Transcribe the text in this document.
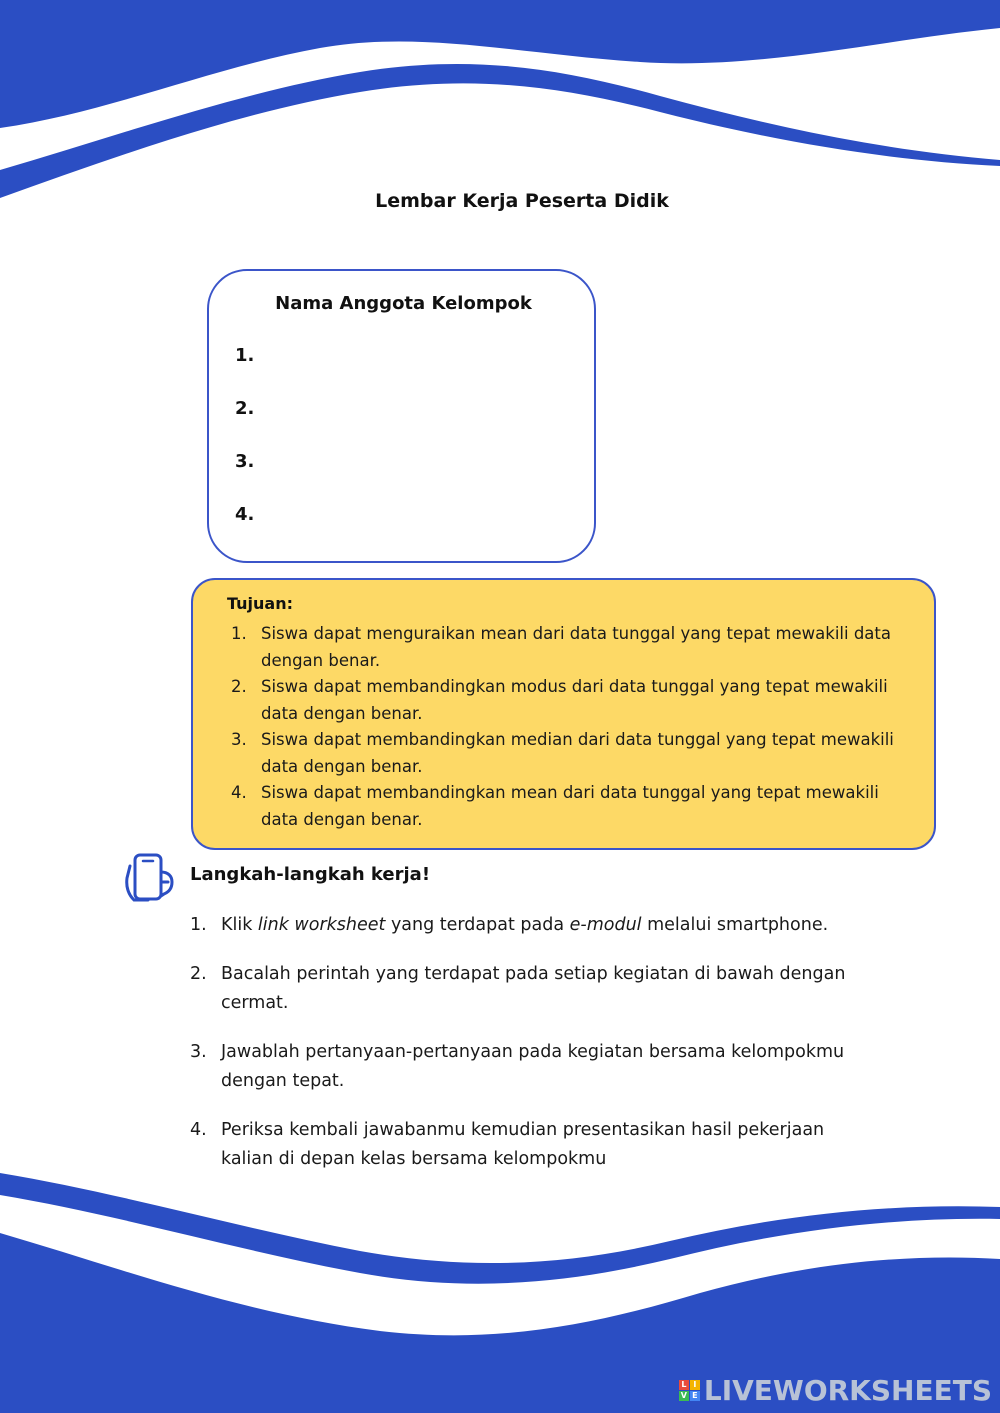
Lembar Kerja Peserta Didik
Nama Anggota Kelompok
1.
2.
3.
4.
Tujuan:
1. Siswa dapat menguraikan mean dari data tunggal yang tepat mewakili data dengan benar.
2. Siswa dapat membandingkan modus dari data tunggal yang tepat mewakili data dengan benar.
3. Siswa dapat membandingkan median dari data tunggal yang tepat mewakili data dengan benar.
4. Siswa dapat membandingkan mean dari data tunggal yang tepat mewakili data dengan benar.
Langkah-langkah kerja!
1. Klik link worksheet yang terdapat pada e-modul melalui smartphone.
2. Bacalah perintah yang terdapat pada setiap kegiatan di bawah dengan cermat.
3. Jawablah pertanyaan-pertanyaan pada kegiatan bersama kelompokmu dengan tepat.
4. Periksa kembali jawabanmu kemudian presentasikan hasil pekerjaan kalian di depan kelas bersama kelompokmu
L I
V E LIVEWORKSHEETS
